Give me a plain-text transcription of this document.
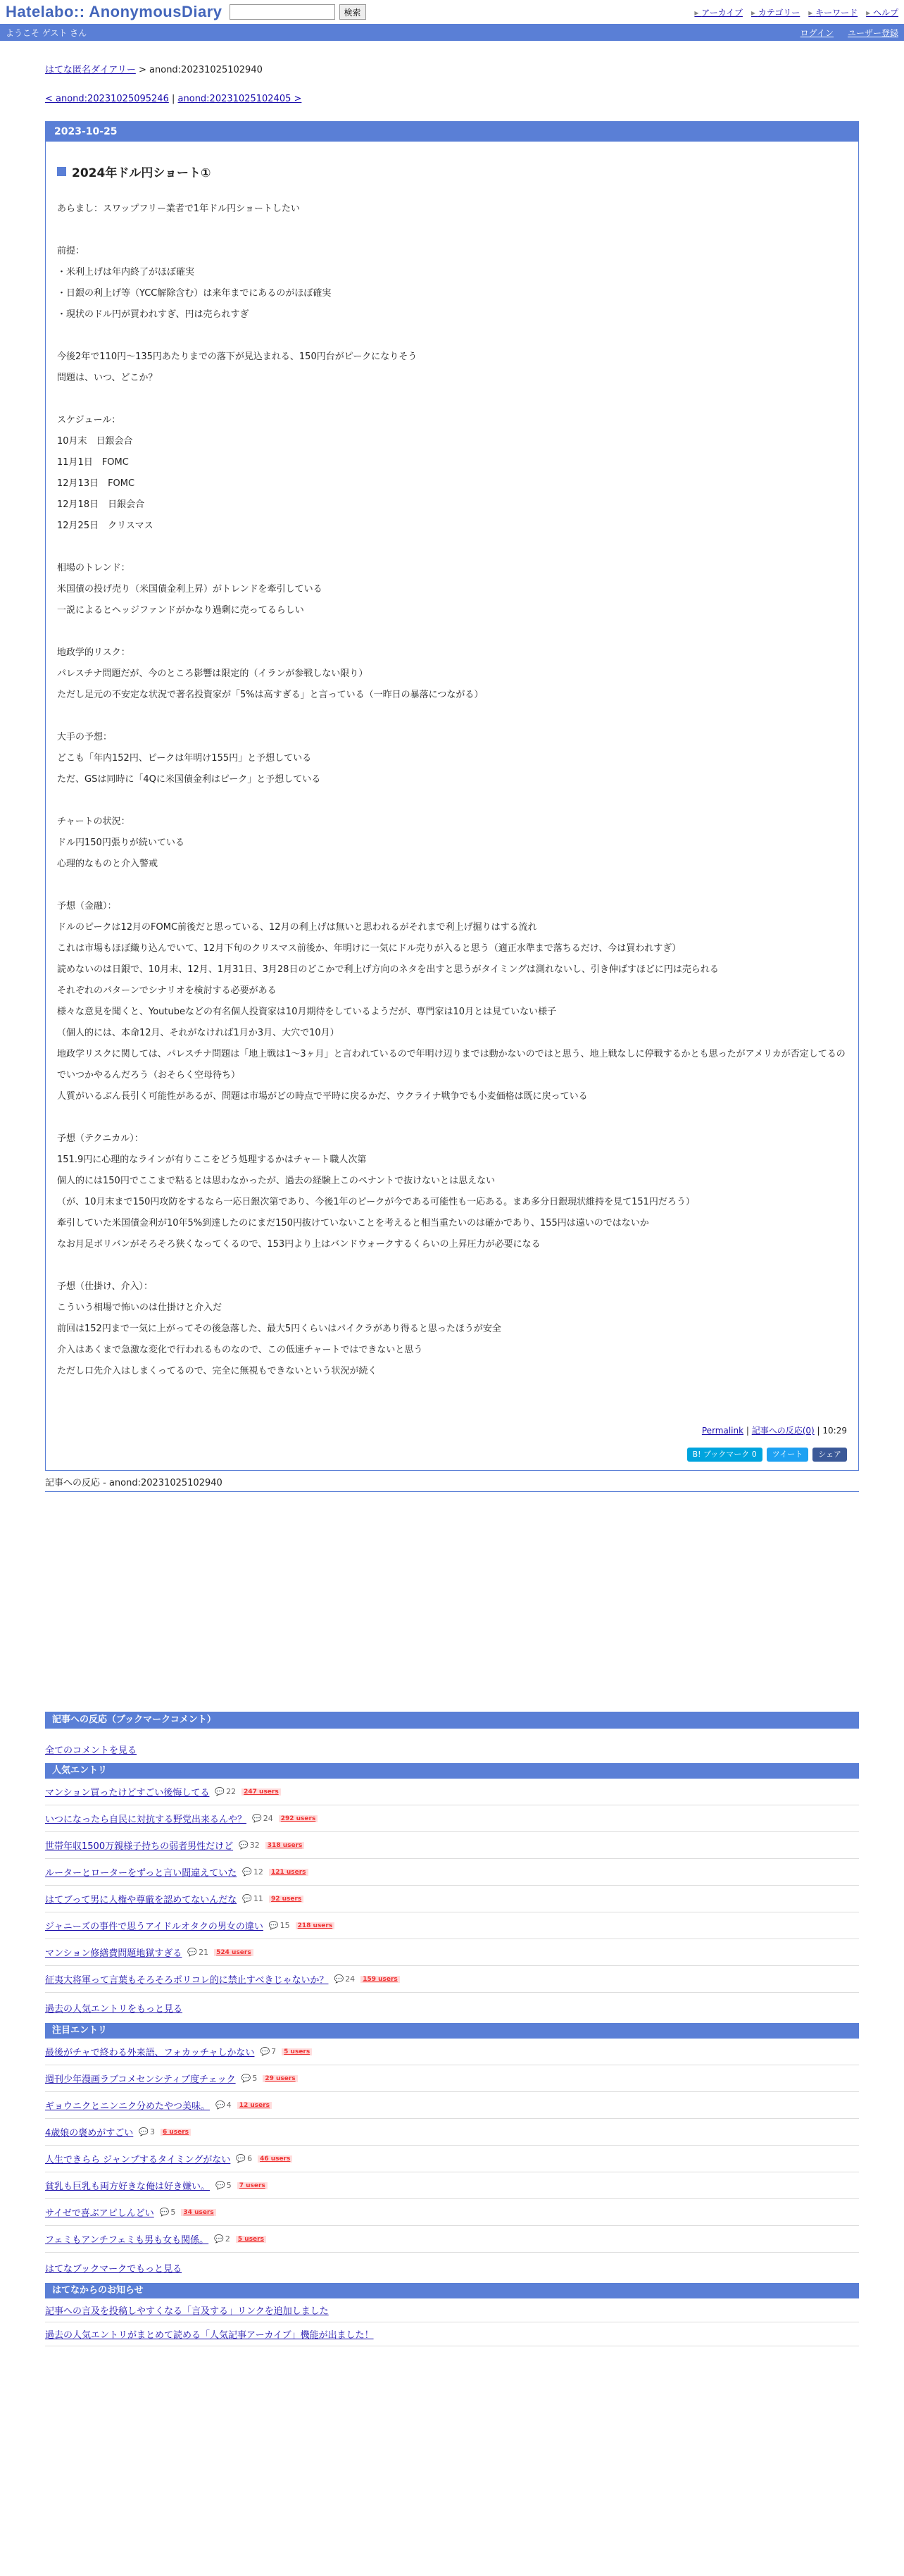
Hatelabo:: AnonymousDiary	検索	▸ アーカイブ	▸ カテゴリー	▸ キーワード	▸ ヘルプ
ようこそ ゲスト さん	ログイン ユーザー登録
はてな匿名ダイアリー > anond:20231025102940
< anond:20231025095246 | anond:20231025102405 >
2023-10-25
2024年ドル円ショート①

あらまし：スワップフリー業者で1年ドル円ショートしたい

前提：

・米利上げは年内終了がほぼ確実

・日銀の利上げ等（YCC解除含む）は来年までにあるのがほぼ確実

・現状のドル円が買われすぎ、円は売られすぎ

今後2年で110円〜135円あたりまでの落下が見込まれる、150円台がピークになりそう

問題は、いつ、どこか？

スケジュール：

10月末　日銀会合

11月1日　FOMC

12月13日　FOMC

12月18日　日銀会合

12月25日　クリスマス

相場のトレンド：

米国債の投げ売り（米国債金利上昇）がトレンドを牽引している

一説によるとヘッジファンドがかなり過剰に売ってるらしい

地政学的リスク：

パレスチナ問題だが、今のところ影響は限定的（イランが参戦しない限り）

ただし足元の不安定な状況で著名投資家が「5%は高すぎる」と言っている（一昨日の暴落につながる）

大手の予想：

どこも「年内152円、ピークは年明け155円」と予想している

ただ、GSは同時に「4Qに米国債金利はピーク」と予想している

チャートの状況：

ドル円150円張りが続いている

心理的なものと介入警戒

予想（金融）：

ドルのピークは12月のFOMC前後だと思っている、12月の利上げは無いと思われるがそれまで利上げ掘りはする流れ

これは市場もほぼ織り込んでいて、12月下旬のクリスマス前後か、年明けに一気にドル売りが入ると思う（適正水準まで落ちるだけ、今は買われすぎ）

読めないのは日銀で、10月末、12月、1月31日、3月28日のどこかで利上げ方向のネタを出すと思うがタイミングは測れないし、引き伸ばすほどに円は売られる

それぞれのパターンでシナリオを検討する必要がある

様々な意見を聞くと、Youtubeなどの有名個人投資家は10月期待をしているようだが、専門家は10月とは見ていない様子

（個人的には、本命12月、それがなければ1月か3月、大穴で10月）

地政学リスクに関しては、パレスチナ問題は「地上戦は1〜3ヶ月」と言われているので年明け辺りまでは動かないのではと思う、地上戦なしに停戦するかとも思ったがアメリカが否定してるのでいつかやるんだろう（おそらく空母待ち）

人質がいるぶん長引く可能性があるが、問題は市場がどの時点で平時に戻るかだ、ウクライナ戦争でも小麦価格は既に戻っている

予想（テクニカル）：

151.9円に心理的なラインが有りここをどう処理するかはチャート職人次第

個人的には150円でここまで粘るとは思わなかったが、過去の経験上このペナントで抜けないとは思えない

（が、10月末まで150円攻防をするなら一応日銀次第であり、今後1年のピークが今である可能性も一応ある。まあ多分日銀現状維持を見て151円だろう）

牽引していた米国債金利が10年5%到達したのにまだ150円抜けていないことを考えると相当重たいのは確かであり、155円は遠いのではないか

なお月足ボリバンがそろそろ狭くなってくるので、153円より上はバンドウォークするくらいの上昇圧力が必要になる

予想（仕掛け、介入）：

こういう相場で怖いのは仕掛けと介入だ

前回は152円まで一気に上がってその後急落した、最大5円くらいはパイクラがあり得ると思ったほうが安全

介入はあくまで急激な変化で行われるものなので、この低速チャートではできないと思う

ただし口先介入はしまくってるので、完全に無視もできないという状況が続く

Permalink | 記事への反応(0) | 10:29
B! ブックマーク 0	ツイート	シェア
記事への反応 - anond:20231025102940
記事への反応（ブックマークコメント）
全てのコメントを見る
人気エントリ
マンション買ったけどすごい後悔してる	💬 22	247 users
いつになったら自民に対抗する野党出来るんや？	💬 24	292 users
世帯年収1500万親様子持ちの弱者男性だけど	💬 32	318 users
ルーターとローターをずっと言い間違えていた	💬 12	121 users
はてブって男に人権や尊厳を認めてないんだな	💬 11	92 users
ジャニーズの事件で思うアイドルオタクの男女の違い	💬 15	218 users
マンション修繕費問題地獄すぎる	💬 21	524 users
征夷大将軍って言葉もそろそろポリコレ的に禁止すべきじゃないか？	💬 24	159 users
過去の人気エントリをもっと見る
注目エントリ
最後がチャで終わる外来語、フォカッチャしかない	💬 7	5 users
週刊少年漫画ラブコメセンシティブ度チェック	💬 5	29 users
ギョウニクとニンニク分めたやつ美味。	💬 4	12 users
4歳娘の褒めがすごい	💬 3	6 users
人生できらら ジャンプするタイミングがない	💬 6	46 users
貧乳も巨乳も両方好きな俺は好き嫌い。	💬 5	7 users
サイゼで喜ぶアピしんどい	💬 5	34 users
フェミもアンチフェミも男も女も関係。	💬 2	5 users
はてなブックマークでもっと見る
はてなからのお知らせ
記事への言及を投稿しやすくなる「言及する」リンクを追加しました
過去の人気エントリがまとめて読める「人気記事アーカイブ」機能が出ました！
